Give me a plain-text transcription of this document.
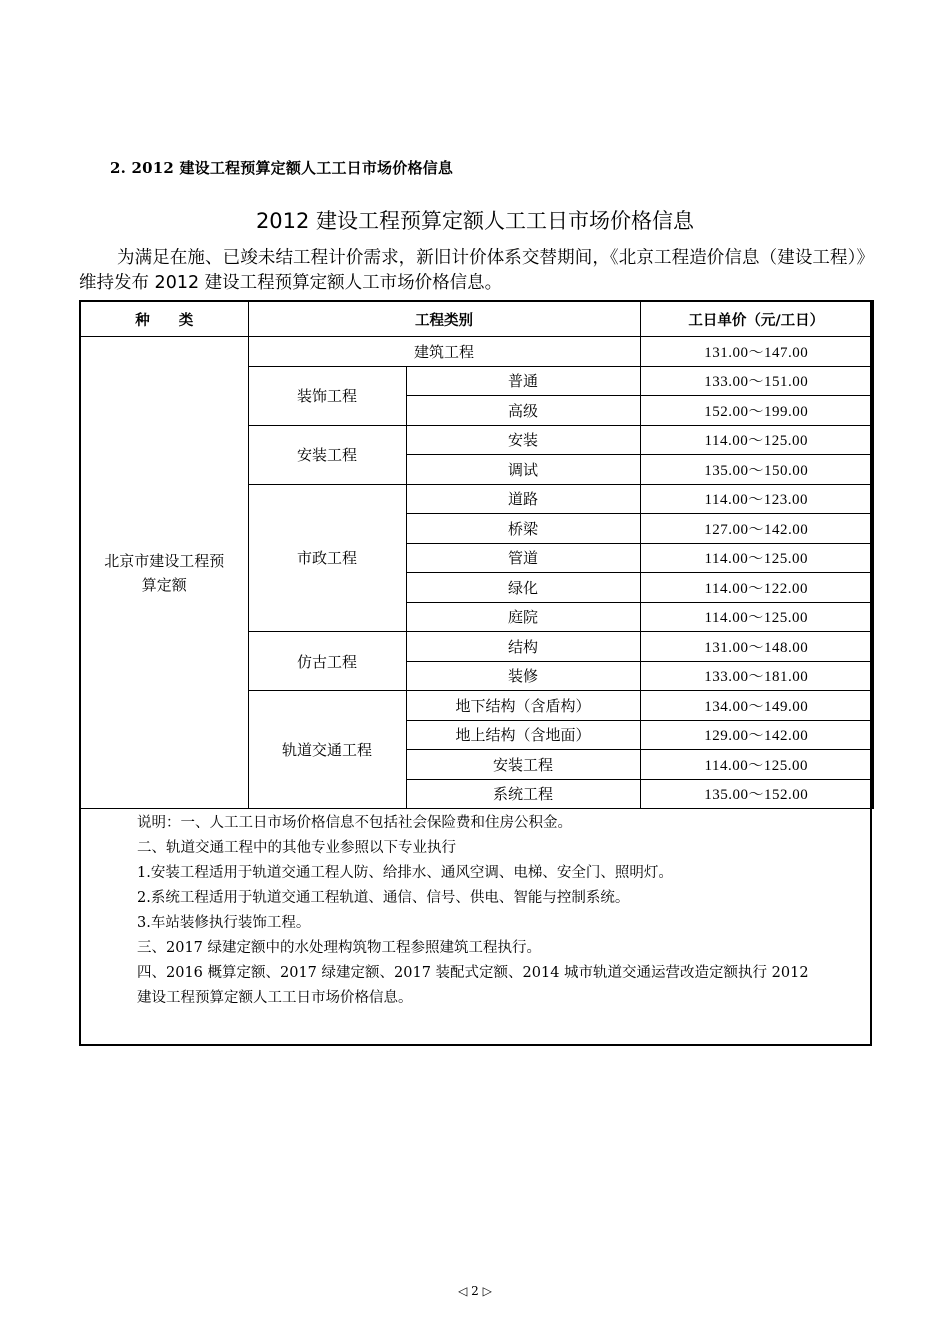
2. 2012 建设工程预算定额人工工日市场价格信息
2012 建设工程预算定额人工工日市场价格信息
为满足在施、已竣未结工程计价需求，新旧计价体系交替期间，《北京工程造价信息（建设工程）》维持发布 2012 建设工程预算定额人工市场价格信息。
种　　类	工程类别		工日单价（元/工日）

北京市建设工程预
算定额	建筑工程		131.00～147.00
	装饰工程	普通	133.00～151.00
		高级	152.00～199.00
	安装工程	安装	114.00～125.00
		调试	135.00～150.00
	市政工程	道路	114.00～123.00
		桥梁	127.00～142.00
		管道	114.00～125.00
		绿化	114.00～122.00
		庭院	114.00～125.00
	仿古工程	结构	131.00～148.00
		装修	133.00～181.00
	轨道交通工程	地下结构（含盾构）	134.00～149.00
		地上结构（含地面）	129.00～142.00
		安装工程	114.00～125.00
		系统工程	135.00～152.00
说明：一、人工工日市场价格信息不包括社会保险费和住房公积金。
二、轨道交通工程中的其他专业参照以下专业执行
1.安装工程适用于轨道交通工程人防、给排水、通风空调、电梯、安全门、照明灯。
2.系统工程适用于轨道交通工程轨道、通信、信号、供电、智能与控制系统。
3.车站装修执行装饰工程。
三、2017 绿建定额中的水处理构筑物工程参照建筑工程执行。
四、2016 概算定额、2017 绿建定额、2017 装配式定额、2014 城市轨道交通运营改造定额执行 2012
建设工程预算定额人工工日市场价格信息。
◁ 2 ▷
